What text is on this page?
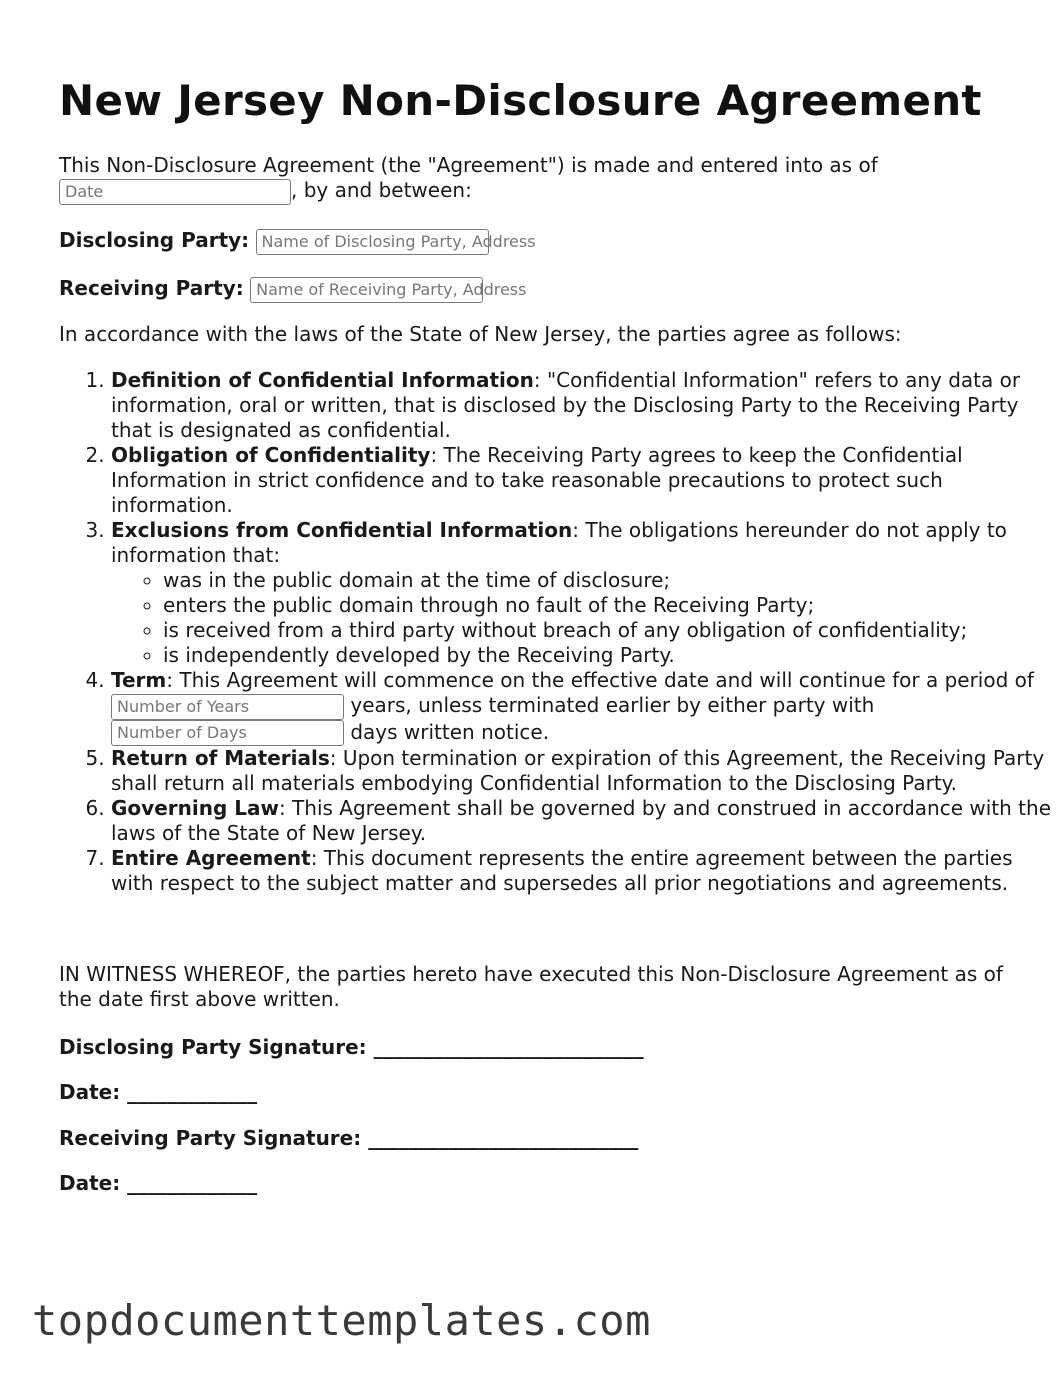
New Jersey Non-Disclosure Agreement
This Non-Disclosure Agreement (the "Agreement") is made and entered into as of
Date	, by and between:
Disclosing Party: Name of Disclosing Party, Address
Receiving Party: Name of Receiving Party, Address
In accordance with the laws of the State of New Jersey, the parties agree as follows:
1. Definition of Confidential Information: "Confidential Information" refers to any data or information, oral or written, that is disclosed by the Disclosing Party to the Receiving Party that is designated as confidential.
2. Obligation of Confidentiality: The Receiving Party agrees to keep the Confidential Information in strict confidence and to take reasonable precautions to protect such information.
3. Exclusions from Confidential Information: The obligations hereunder do not apply to information that:
◦ was in the public domain at the time of disclosure;
◦ enters the public domain through no fault of the Receiving Party;
◦ is received from a third party without breach of any obligation of confidentiality;
◦ is independently developed by the Receiving Party.
4. Term: This Agreement will commence on the effective date and will continue for a period of Number of Years	years, unless terminated earlier by either party with
Number of Days	days written notice.
5. Return of Materials: Upon termination or expiration of this Agreement, the Receiving Party shall return all materials embodying Confidential Information to the Disclosing Party.
6. Governing Law: This Agreement shall be governed by and construed in accordance with the laws of the State of New Jersey.
7. Entire Agreement: This document represents the entire agreement between the parties with respect to the subject matter and supersedes all prior negotiations and agreements.
IN WITNESS WHEREOF, the parties hereto have executed this Non-Disclosure Agreement as of the date first above written.
Disclosing Party Signature: ___________________________
Date: _____________
Receiving Party Signature: ___________________________
Date: _____________
topdocumenttemplates.com
